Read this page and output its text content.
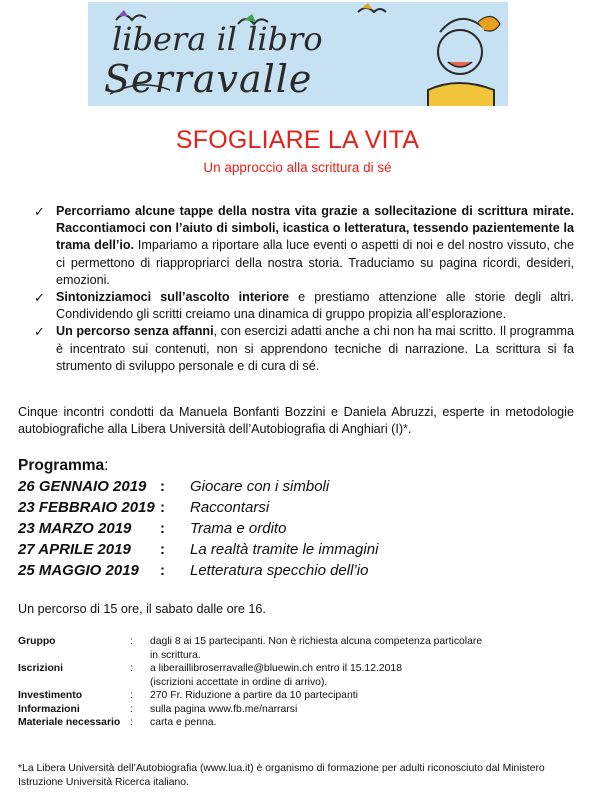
libera il libro
Serravalle
SFOGLIARE LA VITA
Un approccio alla scrittura di sé
✓ Percorriamo alcune tappe della nostra vita grazie a sollecitazione di scrittura mirate. Raccontiamoci con l’aiuto di simboli, icastica o letteratura, tessendo pazientemente la trama dell’io. Impariamo a riportare alla luce eventi o aspetti di noi e del nostro vissuto, che ci permettono di riappropriarci della nostra storia. Traduciamo su pagina ricordi, desideri, emozioni.
✓ Sintonizziamoci sull’ascolto interiore e prestiamo attenzione alle storie degli altri. Condividendo gli scritti creiamo una dinamica di gruppo propizia all’esplorazione.
✓ Un percorso senza affanni, con esercizi adatti anche a chi non ha mai scritto. Il programma è incentrato sui contenuti, non si apprendono tecniche di narrazione. La scrittura si fa strumento di sviluppo personale e di cura di sé.
Cinque incontri condotti da Manuela Bonfanti Bozzini e Daniela Abruzzi, esperte in metodologie autobiografiche alla Libera Università dell’Autobiografia di Anghiari (I)*.
Programma:
26 GENNAIO 2019 : Giocare con i simboli
23 FEBBRAIO 2019 : Raccontarsi
23 MARZO 2019 : Trama e ordito
27 APRILE 2019 : La realtà tramite le immagini
25 MAGGIO 2019 : Letteratura specchio dell’io
Un percorso di 15 ore, il sabato dalle ore 16.
Gruppo	: dagli 8 ai 15 partecipanti. Non è richiesta alcuna competenza particolare
in scrittura.
Iscrizioni	: a liberaillibroserravalle@bluewin.ch entro il 15.12.2018
(iscrizioni accettate in ordine di arrivo).
Investimento	: 270 Fr. Riduzione a partire da 10 partecipanti
Informazioni	: sulla pagina www.fb.me/narrarsi
Materiale necessario : carta e penna.
*La Libera Università dell’Autobiografia (www.lua.it) è organismo di formazione per adulti riconosciuto dal Ministero Istruzione Università Ricerca italiano.
